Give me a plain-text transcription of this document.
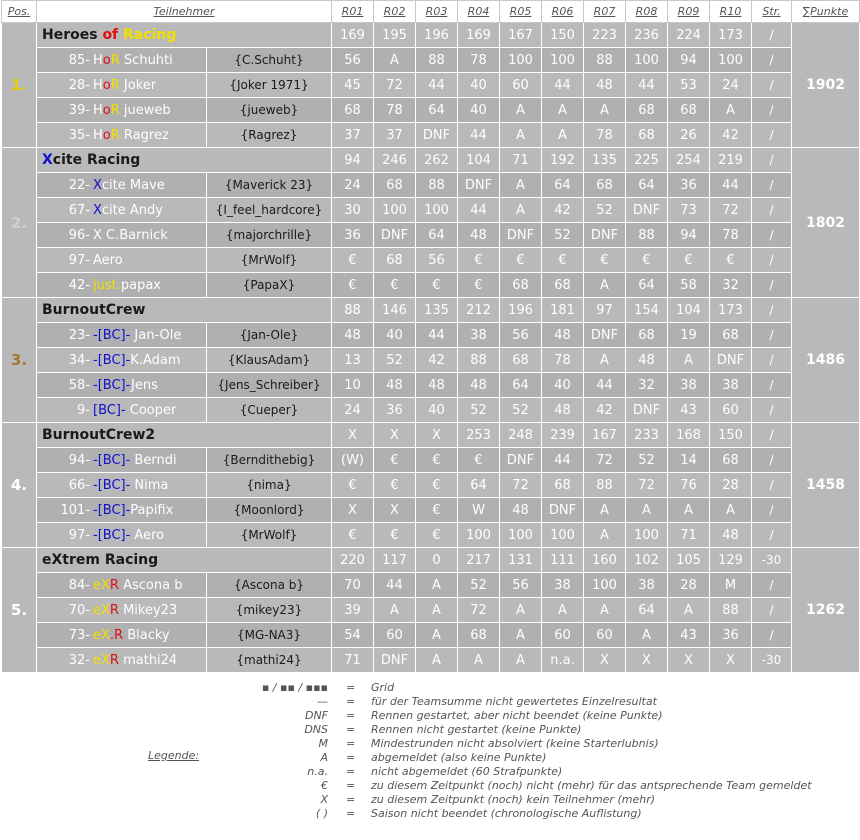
Pos.	Teilnehmer		R01	R02	R03	R04	R05	R06	R07	R08	R09	R10	Str.	∑Punkte
1.	Heroes of Racing		169	195	196	169	167	150	223	236	224	173	/	1902
	85- HoR Schuhti	{C.Schuht}	56	A	88	78	100	100	88	100	94	100	/	
	28- HoR Joker	{Joker 1971}	45	72	44	40	60	44	48	44	53	24	/	
	39- HoR jueweb	{jueweb}	68	78	64	40	A	A	A	68	68	A	/	
	35- HoR Ragrez	{Ragrez}	37	37	DNF	44	A	A	78	68	26	42	/	
2.	Xcite Racing		94	246	262	104	71	192	135	225	254	219	/	1802
	22- Xcite Mave	{Maverick 23}	24	68	88	DNF	A	64	68	64	36	44	/	
	67- Xcite Andy	{I_feel_hardcore}	30	100	100	44	A	42	52	DNF	73	72	/	
	96- X C.Barnick	{majorchrille}	36	DNF	64	48	DNF	52	DNF	88	94	78	/	
	97- Aero	{MrWolf}	€	68	56	€	€	€	€	€	€	€	/	
	42- just.papax	{PapaX}	€	€	€	€	68	68	A	64	58	32	/	
3.	BurnoutCrew		88	146	135	212	196	181	97	154	104	173	/	1486
	23- -[BC]- Jan-Ole	{Jan-Ole}	48	40	44	38	56	48	DNF	68	19	68	/	
	34- -[BC]-K.Adam	{KlausAdam}	13	52	42	88	68	78	A	48	A	DNF	/	
	58- -[BC]-Jens	{Jens_Schreiber}	10	48	48	48	64	40	44	32	38	38	/	
	9- [BC]- Cooper	{Cueper}	24	36	40	52	52	48	42	DNF	43	60	/	
4.	BurnoutCrew2		X	X	X	253	248	239	167	233	168	150	/	1458
	94- -[BC]- Berndi	{Berndithebig}	(W)	€	€	€	DNF	44	72	52	14	68	/	
	66- -[BC]- Nima	{nima}	€	€	€	64	72	68	88	72	76	28	/	
	101- -[BC]-Papifix	{Moonlord}	X	X	€	W	48	DNF	A	A	A	A	/	
	97- -[BC]- Aero	{MrWolf}	€	€	€	100	100	100	A	100	71	48	/	
5.	eXtrem Racing		220	117	0	217	131	111	160	102	105	129	-30	1262
	84- eXR Ascona b	{Ascona b}	70	44	A	52	56	38	100	38	28	M	/	
	70- eXR Mikey23	{mikey23}	39	A	A	72	A	A	A	64	A	88	/	
	73- eX.R Blacky	{MG-NA3}	54	60	A	68	A	60	60	A	43	36	/	
	32- eXR mathi24	{mathi24}	71	DNF	A	A	A	n.a.	X	X	X	X	-30	
Legende:
▪ / ▪▪ / ▪▪▪ = Grid
— = für der Teamsumme nicht gewertetes Einzelresultat
DNF = Rennen gestartet, aber nicht beendet (keine Punkte)
DNS = Rennen nicht gestartet (keine Punkte)
M = Mindestrunden nicht absolviert (keine Starterlubnis)
A = abgemeldet (also keine Punkte)
n.a. = nicht abgemeldet (60 Strafpunkte)
€ = zu diesem Zeitpunkt (noch) nicht (mehr) für das antsprechende Team gemeldet
X = zu diesem Zeitpunkt (noch) kein Teilnehmer (mehr)
( ) = Saison nicht beendet (chronologische Auflistung)
